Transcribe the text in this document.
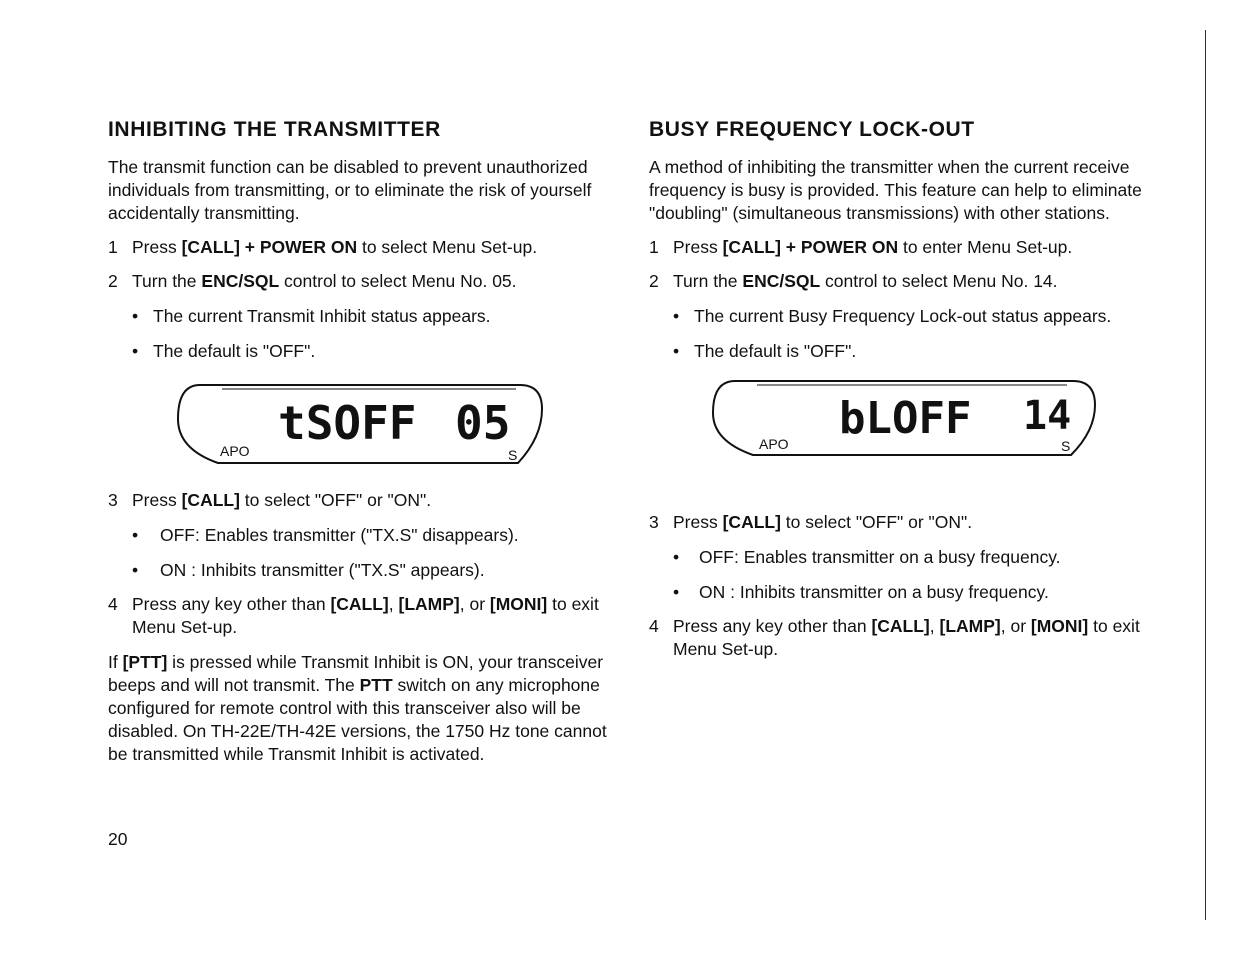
INHIBITING THE TRANSMITTER

The transmit function can be disabled to prevent unauthorized individuals from transmitting, or to eliminate the risk of yourself accidentally transmitting.

1 Press [CALL] + POWER ON to select Menu Set-up.
2 Turn the ENC/SQL control to select Menu No. 05.
• The current Transmit Inhibit status appears.
• The default is "OFF".
tSOFF 05
APO	S
3 Press [CALL] to select "OFF" or "ON".
• OFF: Enables transmitter ("TX.S" disappears).
• ON : Inhibits transmitter ("TX.S" appears).
4 Press any key other than [CALL], [LAMP], or [MONI] to exit Menu Set-up.

If [PTT] is pressed while Transmit Inhibit is ON, your transceiver beeps and will not transmit. The PTT switch on any microphone configured for remote control with this transceiver also will be disabled. On TH-22E/TH-42E versions, the 1750 Hz tone cannot be transmitted while Transmit Inhibit is activated.

BUSY FREQUENCY LOCK-OUT

A method of inhibiting the transmitter when the current receive frequency is busy is provided. This feature can help to eliminate "doubling" (simultaneous transmissions) with other stations.

1 Press [CALL] + POWER ON to enter Menu Set-up.
2 Turn the ENC/SQL control to select Menu No. 14.
• The current Busy Frequency Lock-out status appears.
• The default is "OFF".
bLOFF 14
APO	S
3 Press [CALL] to select "OFF" or "ON".
• OFF: Enables transmitter on a busy frequency.
• ON : Inhibits transmitter on a busy frequency.
4 Press any key other than [CALL], [LAMP], or [MONI] to exit Menu Set-up.
20
